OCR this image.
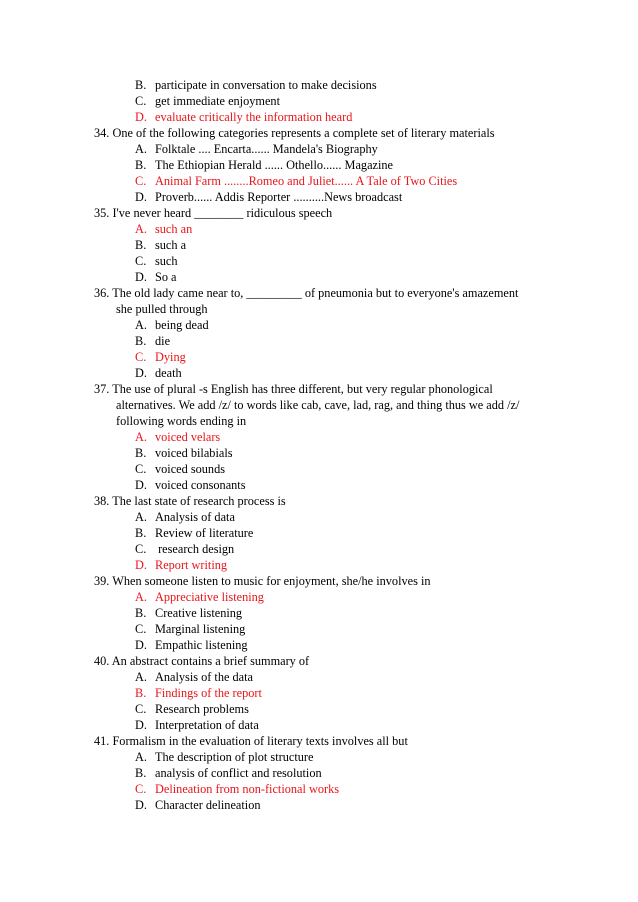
B. participate in conversation to make decisions
C. get immediate enjoyment
D. evaluate critically the information heard
34. One of the following categories represents a complete set of literary materials
A. Folktale .... Encarta...... Mandela's Biography
B. The Ethiopian Herald ...... Othello...... Magazine
C. Animal Farm ........Romeo and Juliet...... A Tale of Two Cities
D. Proverb...... Addis Reporter ..........News broadcast
35. I've never heard ________ ridiculous speech
A. such an
B. such a
C. such
D. So a
36. The old lady came near to, _________ of pneumonia but to everyone's amazement
she pulled through
A. being dead
B. die
C. Dying
D. death
37. The use of plural -s English has three different, but very regular phonological
alternatives. We add /z/ to words like cab, cave, lad, rag, and thing thus we add /z/
following words ending in
A. voiced velars
B. voiced bilabials
C. voiced sounds
D. voiced consonants
38. The last state of research process is
A. Analysis of data
B. Review of literature
C. research design
D. Report writing
39. When someone listen to music for enjoyment, she/he involves in
A. Appreciative listening
B. Creative listening
C. Marginal listening
D. Empathic listening
40. An abstract contains a brief summary of
A. Analysis of the data
B. Findings of the report
C. Research problems
D. Interpretation of data
41. Formalism in the evaluation of literary texts involves all but
A. The description of plot structure
B. analysis of conflict and resolution
C. Delineation from non-fictional works
D. Character delineation
